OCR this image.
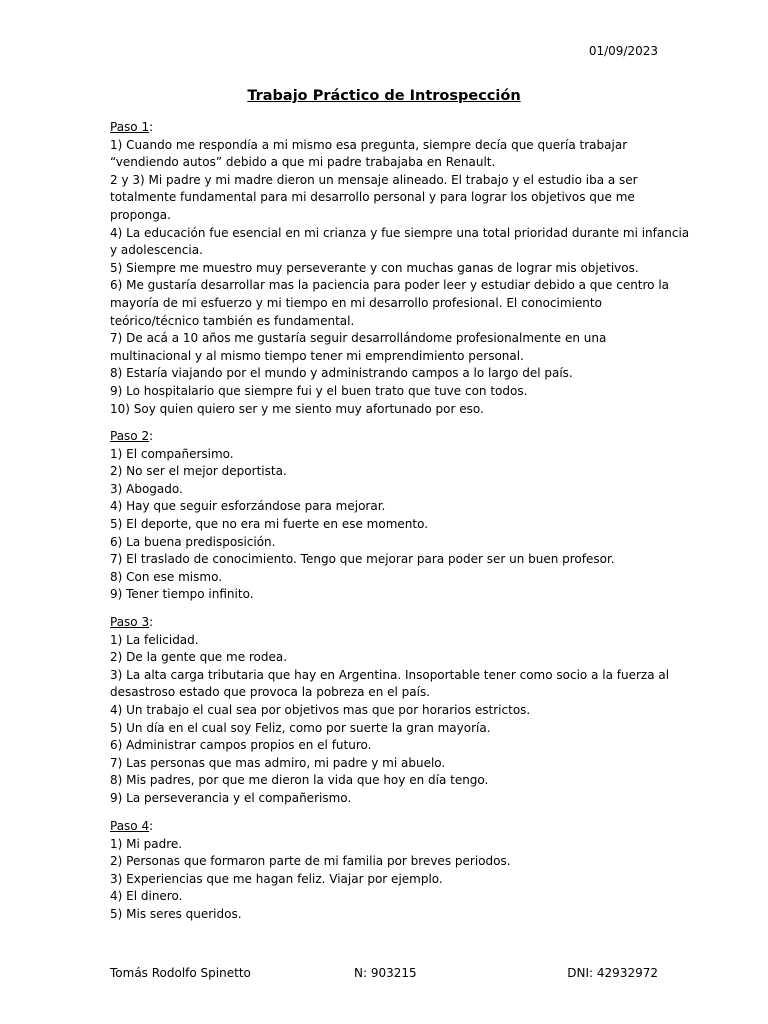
01/09/2023
Trabajo Práctico de Introspección
Paso 1:
1) Cuando me respondía a mi mismo esa pregunta, siempre decía que quería trabajar
“vendiendo autos” debido a que mi padre trabajaba en Renault.
2 y 3) Mi padre y mi madre dieron un mensaje alineado. El trabajo y el estudio iba a ser
totalmente fundamental para mi desarrollo personal y para lograr los objetivos que me
proponga.
4) La educación fue esencial en mi crianza y fue siempre una total prioridad durante mi infancia
y adolescencia.
5) Siempre me muestro muy perseverante y con muchas ganas de lograr mis objetivos.
6) Me gustaría desarrollar mas la paciencia para poder leer y estudiar debido a que centro la
mayoría de mi esfuerzo y mi tiempo en mi desarrollo profesional. El conocimiento
teórico/técnico también es fundamental.
7) De acá a 10 años me gustaría seguir desarrollándome profesionalmente en una
multinacional y al mismo tiempo tener mi emprendimiento personal.
8) Estaría viajando por el mundo y administrando campos a lo largo del país.
9) Lo hospitalario que siempre fui y el buen trato que tuve con todos.
10) Soy quien quiero ser y me siento muy afortunado por eso.
Paso 2:
1) El compañersimo.
2) No ser el mejor deportista.
3) Abogado.
4) Hay que seguir esforzándose para mejorar.
5) El deporte, que no era mi fuerte en ese momento.
6) La buena predisposición.
7) El traslado de conocimiento. Tengo que mejorar para poder ser un buen profesor.
8) Con ese mismo.
9) Tener tiempo infinito.
Paso 3:
1) La felicidad.
2) De la gente que me rodea.
3) La alta carga tributaria que hay en Argentina. Insoportable tener como socio a la fuerza al
desastroso estado que provoca la pobreza en el país.
4) Un trabajo el cual sea por objetivos mas que por horarios estrictos.
5) Un día en el cual soy Feliz, como por suerte la gran mayoría.
6) Administrar campos propios en el futuro.
7) Las personas que mas admiro, mi padre y mi abuelo.
8) Mis padres, por que me dieron la vida que hoy en día tengo.
9) La perseverancia y el compañerismo.
Paso 4:
1) Mi padre.
2) Personas que formaron parte de mi familia por breves periodos.
3) Experiencias que me hagan feliz. Viajar por ejemplo.
4) El dinero.
5) Mis seres queridos.
Tomás Rodolfo Spinetto	N: 903215	DNI: 42932972
